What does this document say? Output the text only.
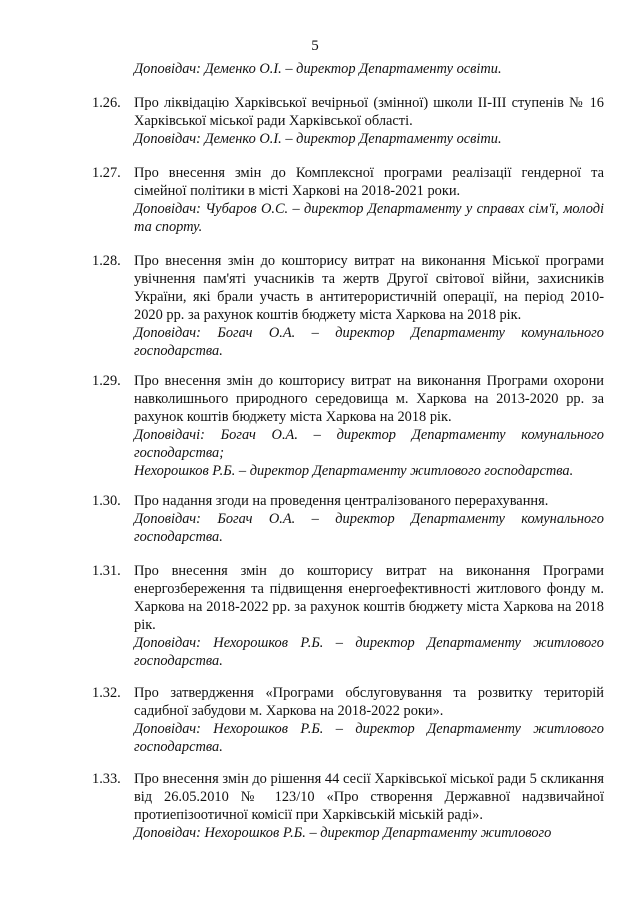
5

Доповідач: Деменко О.І. – директор Департаменту освіти.

1.26. Про ліквідацію Харківської вечірньої (змінної) школи ІІ-ІІІ ступенів № 16 Харківської міської ради Харківської області.

Доповідач: Деменко О.І. – директор Департаменту освіти.

1.27. Про внесення змін до Комплексної програми реалізації гендерної та сімейної політики в місті Харкові на 2018-2021 роки.

Доповідач: Чубаров О.С. – директор Департаменту у справах сім'ї, молоді та спорту.

1.28. Про внесення змін до кошторису витрат на виконання Міської програми увічнення пам'яті учасників та жертв Другої світової війни, захисників України, які брали участь в антитерористичній операції, на період 2010-2020 рр. за рахунок коштів бюджету міста Харкова на 2018 рік.

Доповідач: Богач О.А. – директор Департаменту комунального господарства.

1.29. Про внесення змін до кошторису витрат на виконання Програми охорони навколишнього природного середовища м. Харкова на 2013-2020 рр. за рахунок коштів бюджету міста Харкова на 2018 рік.

Доповідачі: Богач О.А. – директор Департаменту комунального господарства;

Нехорошков Р.Б. – директор Департаменту житлового господарства.

1.30. Про надання згоди на проведення централізованого перерахування.

Доповідач: Богач О.А. – директор Департаменту комунального господарства.

1.31. Про внесення змін до кошторису витрат на виконання Програми енергозбереження та підвищення енергоефективності житлового фонду м. Харкова на 2018-2022 рр. за рахунок коштів бюджету міста Харкова на 2018 рік.

Доповідач: Нехорошков Р.Б. – директор Департаменту житлового господарства.

1.32. Про затвердження «Програми обслуговування та розвитку територій садибної забудови м. Харкова на 2018-2022 роки».

Доповідач: Нехорошков Р.Б. – директор Департаменту житлового господарства.

1.33. Про внесення змін до рішення 44 сесії Харківської міської ради 5 скликання від 26.05.2010 № 123/10 «Про створення Державної надзвичайної протиепізоотичної комісії при Харківській міській раді».

Доповідач: Нехорошков Р.Б. – директор Департаменту житлового
